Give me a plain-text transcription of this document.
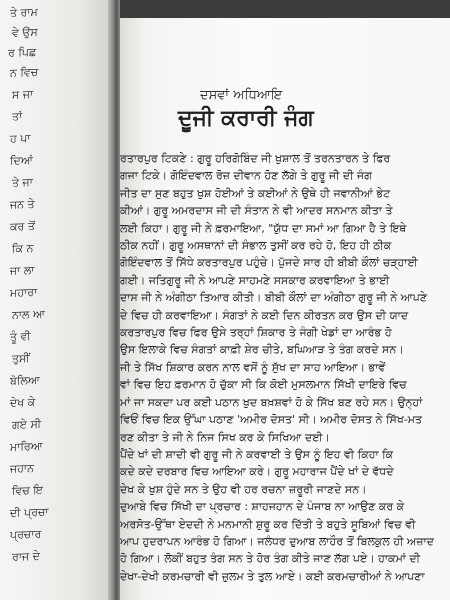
ਤੇ ਰਾਮ
ਵੇ ਉਸ
ਰ ਪਿਛ
ਨ ਵਿਚ
ਸ ਜਾ
ਤਾਂ
ਹ ਪਾ
ਦਿਆਂ
ਤੇ ਜਾ
ਜਨ ਤੇ
ਕਰ ਤੋਂ
ਕਿ ਨ
ਜਾ ਲਾ
ਮਹਾਰਾ
ਨਾਲ ਆ
ਤੂੰ ਵੀ
ਤੁਸੀਂ
ਬੋਲਿਆ
ਦੇਖ ਕੇ
ਗਏ ਸੀ
ਮਾਰਿਆ
ਜਹਾਨ
ਵਿਚ ਇ
ਦੀ ਪ੍ਰਚਾ
ਪ੍ਰਚਾਰ
ਰਾਜ ਦੇ
ਦਸਵਾਂ ਅਧਿਆਇ
ਦੂਜੀ ਕਰਾਰੀ ਜੰਗ
ਰਤਾਰਪੁਰ ਟਿਕਣੇ : ਗੁਰੂ ਹਰਿਗੋਬਿੰਦ ਜੀ ਖੁਸ਼ਾਲ ਤੋਂ ਤਰਨਤਾਰਨ ਤੇ ਫਿਰ
ਗਜਾ ਟਿਕੇ। ਗੋਇੰਦਵਾਲ ਰੋਜ਼ ਦੀਵਾਨ ਹੋਣ ਲੱਗੇ ਤੇ ਗੁਰੂ ਜੀ ਦੀ ਜੰਗ
ਜੀਤ ਦਾ ਸੁਣ ਬਹੁਤ ਖੁਸ਼ ਹੋਈਆਂ ਤੇ ਕਈਆਂ ਨੇ ਉਥੇ ਹੀ ਜਵਾਨੀਆਂ ਭੇਟ
ਕੀਆਂ। ਗੁਰੂ ਅਮਰਦਾਸ ਜੀ ਦੀ ਸੰਤਾਨ ਨੇ ਵੀ ਆਦਰ ਸਨਮਾਨ ਕੀਤਾ ਤੇ
ਲਈ ਕਿਹਾ। ਗੁਰੂ ਜੀ ਨੇ ਫ਼ਰਮਾਇਆ, "ਯੁੱਧ ਦਾ ਸਮਾਂ ਆ ਗਿਆ ਹੈ ਤੇ ਇਥੇ
ਠੀਕ ਨਹੀਂ। ਗੁਰੂ ਅਸਥਾਨਾਂ ਦੀ ਸੰਭਾਲ ਤੁਸੀਂ ਕਰ ਰਹੇ ਹੋ, ਇਹ ਹੀ ਠੀਕ
ਗੋਇੰਦਵਾਲ ਤੋਂ ਸਿੱਧੇ ਕਰਤਾਰਪੁਰ ਪਹੁੰਚੇ। ਪੁੱਜਦੇ ਸਾਰ ਹੀ ਬੀਬੀ ਕੌਲਾਂ ਚੜ੍ਹਾਈ
ਗਈ। ਜਤਿਗੁਰੂ ਜੀ ਨੇ ਆਪਣੇ ਸਾਹਮਣੇ ਸਸਕਾਰ ਕਰਵਾਇਆ ਤੇ ਭਾਈ
ਦਾਸ ਜੀ ਨੇ ਅੰਗੀਠਾ ਤਿਆਰ ਕੀਤੀ। ਬੀਬੀ ਕੌਲਾਂ ਦਾ ਅੰਗੀਠਾ ਗੁਰੂ ਜੀ ਨੇ ਆਪਣੇ
ਦੇ ਵਿਚ ਹੀ ਕਰਵਾਇਆ। ਸੰਗਤਾਂ ਨੇ ਕਈ ਦਿਨ ਕੀਰਤਨ ਕਰ ਉਸ ਦੀ ਯਾਦ
ਕਰਤਾਰਪੁਰ ਵਿਚ ਫਿਰ ਉਸੇ ਤਰ੍ਹਾਂ ਸ਼ਿਕਾਰ ਤੇ ਜੰਗੀ ਖੇਡਾਂ ਦਾ ਆਰੰਭ ਹੋ
ਉਸ ਇਲਾਕੇ ਵਿਚ ਸੰਗਤਾਂ ਕਾਫ਼ੀ ਸ਼ੇਰ ਚੀਤੇ, ਬਘਿਆੜ ਤੇ ਤੰਗ ਕਰਦੇ ਸਨ।
ਜੀ ਤੇ ਸਿੱਖ ਸ਼ਿਕਾਰ ਕਰਨ ਨਾਲ ਵਸੋਂ ਨੂੰ ਸੁੱਖ ਦਾ ਸਾਹ ਆਇਆ। ਭਾਵੇਂ
ਵਾਂ ਵਿਚ ਇਹ ਫ਼ਰਮਾਨ ਹੋ ਚੁੱਕਾ ਸੀ ਕਿ ਕੋਈ ਮੁਸਲਮਾਨ ਸਿੱਖੀ ਦਾਇਰੇ ਵਿਚ
ਮਾਂ ਜਾ ਸਕਦਾ ਪਰ ਕਈ ਪਠਾਨ ਖੁਦ ਬਖ਼ਸ਼ਵਾਂ ਹੋ ਕੇ ਸਿੱਖ ਬਣ ਰਹੇ ਸਨ। ਉਨ੍ਹਾਂ
ਵਿਓਂ ਵਿਚ ਇਕ ਉੱਘਾ ਪਠਾਣ 'ਅਮੀਰ ਦੋਸਤ' ਸੀ। ਅਮੀਰ ਦੋਸਤ ਨੇ ਸਿੱਖ-ਮਤ
ਰਣ ਕੀਤਾ ਤੇ ਜੀ ਨੇ ਨਿਜ ਸਿਖ ਕਰ ਕੇ ਸਿਖਿਆ ਦਈ।
ਪੈਂਦੇ ਖਾਂ ਦੀ ਸ਼ਾਦੀ ਵੀ ਗੁਰੂ ਜੀ ਨੇ ਕਰਵਾਈ ਤੇ ਉਸ ਨੂੰ ਇਹ ਵੀ ਕਿਹਾ ਕਿ
ਕਦੇ ਕਦੇ ਦਰਬਾਰ ਵਿਚ ਆਇਆ ਕਰੇ। ਗੁਰੂ ਮਹਾਰਾਜ ਪੈਂਦੇ ਖਾਂ ਦੇ ਵੱਧਦੇ
ਦੇਖ ਕੇ ਖੁਸ਼ ਹੁੰਦੇ ਸਨ ਤੇ ਉਹ ਵੀ ਹਰ ਰਚਨਾ ਜ਼ਰੂਰੀ ਜਾਣਦੇ ਸਨ।
ਦੁਆਬੇ ਵਿਚ ਸਿੱਖੀ ਦਾ ਪ੍ਰਚਾਰ : ਸ਼ਾਹਜਹਾਨ ਦੇ ਪੰਜਾਬ ਨਾ ਆਉਣ ਕਰ ਕੇ
ਅਰਸੋਤ-ਉੱਥਾ ਏਦਦੀ ਨੇ ਮਨਮਾਨੀ ਸ਼ੁਰੂ ਕਰ ਦਿੱਤੀ ਤੇ ਬਹੁਤੇ ਸੂਬਿਆਂ ਵਿਚ ਵੀ
ਆਪ ਹੁਦਰਾਪਨ ਆਰੰਭ ਹੋ ਗਿਆ। ਜਲੰਧਰ ਦੁਆਬ ਲਾਹੌਰ ਤੋਂ ਬਿਲਕੁਲ ਹੀ ਅਜ਼ਾਦ
ਹੋ ਗਿਆ। ਲੋਕੀਂ ਬਹੁਤ ਤੰਗ ਸਨ ਤੇ ਹੋਰ ਤੰਗ ਕੀਤੇ ਜਾਣ ਲੱਗ ਪਏ। ਹਾਕਮਾਂ ਦੀ
ਦੇਖਾ-ਦੇਖੀ ਕਰਮਚਾਰੀ ਵੀ ਜ਼ੁਲਮ ਤੇ ਤੁਲ ਆਏ। ਕਈ ਕਰਮਚਾਰੀਆਂ ਨੇ ਆਪਣਾ
